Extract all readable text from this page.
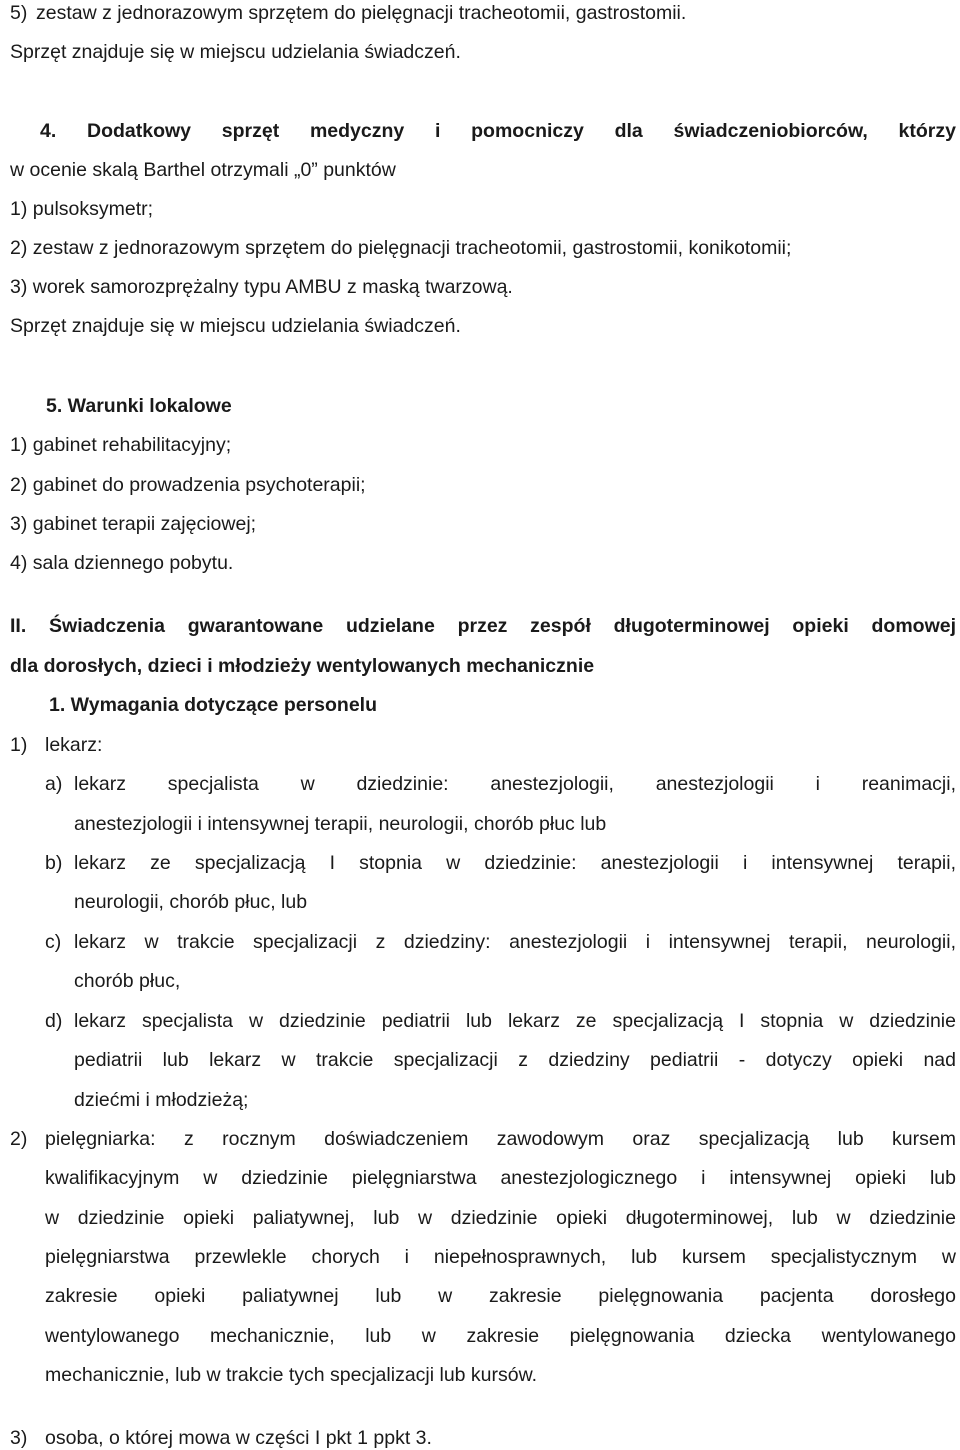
5) zestaw z jednorazowym sprzętem do pielęgnacji tracheotomii, gastrostomii.
Sprzęt znajduje się w miejscu udzielania świadczeń.
4. Dodatkowy sprzęt medyczny i pomocniczy dla świadczeniobiorców, którzy
w ocenie skalą Barthel otrzymali „0” punktów
1) pulsoksymetr;
2) zestaw z jednorazowym sprzętem do pielęgnacji tracheotomii, gastrostomii, konikotomii;
3) worek samorozprężalny typu AMBU z maską twarzową.
Sprzęt znajduje się w miejscu udzielania świadczeń.
5. Warunki lokalowe
1) gabinet rehabilitacyjny;
2) gabinet do prowadzenia psychoterapii;
3) gabinet terapii zajęciowej;
4) sala dziennego pobytu.
II. Świadczenia gwarantowane udzielane przez zespół długoterminowej opieki domowej
dla dorosłych, dzieci i młodzieży wentylowanych mechanicznie
1. Wymagania dotyczące personelu
1) lekarz:
a) lekarz specjalista w dziedzinie: anestezjologii, anestezjologii i reanimacji,
anestezjologii i intensywnej terapii, neurologii, chorób płuc lub
b) lekarz ze specjalizacją I stopnia w dziedzinie: anestezjologii i intensywnej terapii,
neurologii, chorób płuc, lub
c) lekarz w trakcie specjalizacji z dziedziny: anestezjologii i intensywnej terapii, neurologii,
chorób płuc,
d) lekarz specjalista w dziedzinie pediatrii lub lekarz ze specjalizacją I stopnia w dziedzinie
pediatrii lub lekarz w trakcie specjalizacji z dziedziny pediatrii - dotyczy opieki nad
dziećmi i młodzieżą;
2) pielęgniarka: z rocznym doświadczeniem zawodowym oraz specjalizacją lub kursem
kwalifikacyjnym w dziedzinie pielęgniarstwa anestezjologicznego i intensywnej opieki lub
w dziedzinie opieki paliatywnej, lub w dziedzinie opieki długoterminowej, lub w dziedzinie
pielęgniarstwa przewlekle chorych i niepełnosprawnych, lub kursem specjalistycznym w
zakresie opieki paliatywnej lub w zakresie pielęgnowania pacjenta dorosłego
wentylowanego mechanicznie, lub w zakresie pielęgnowania dziecka wentylowanego
mechanicznie, lub w trakcie tych specjalizacji lub kursów.
3) osoba, o której mowa w części I pkt 1 ppkt 3.
